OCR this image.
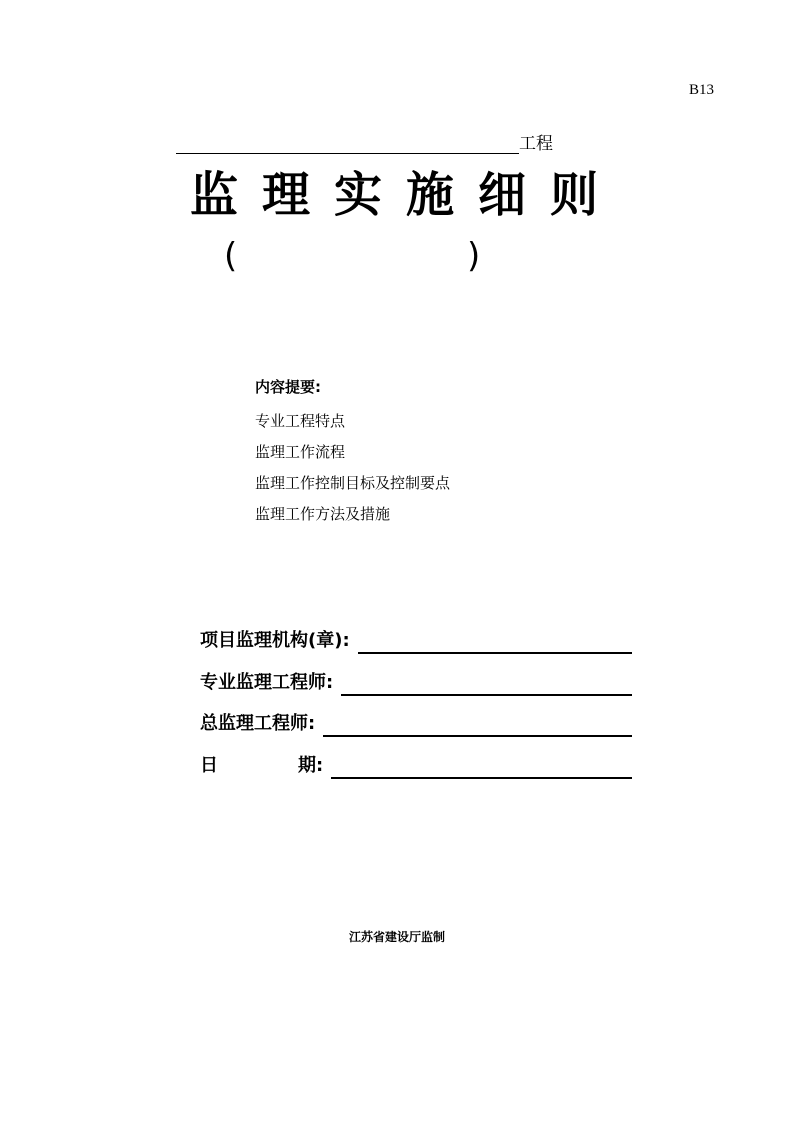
B13
工程
监理实施细则
(	)
内容提要:
专业工程特点
监理工作流程
监理工作控制目标及控制要点
监理工作方法及措施
项目监理机构(章):
专业监理工程师:
总监理工程师:
日	期:
江苏省建设厅监制
